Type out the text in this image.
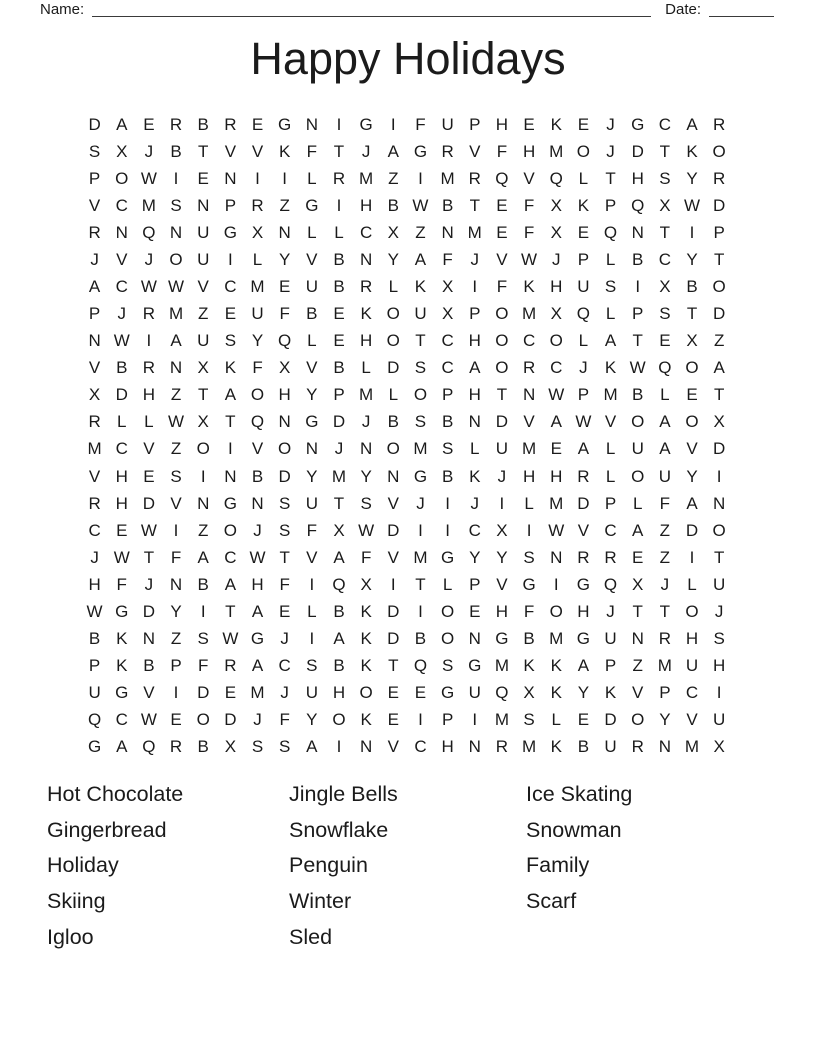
Name:	Date:
Happy Holidays
D A E R B R E G N	I	G	I	F U P H E K E	J G C A R
S X	J	B T V V K F T	J	A G R V F H M O J D T K O
P O W I	E N	I	I	L R M Z	I	M R Q V Q L	T H S Y R
V C M S N P R Z G	I	H B W B T E F X K P Q X W D
R N Q N U G X N L	L C X Z N M E F X E Q N T	I	P
J	V	J O U	I	L Y V B N Y A F	J	V W J	P L B C Y T
A C W W V C M E U B R L K X	I	F K H U S	I	X B O
P	J R M Z E U F B E K O U X P O M X Q L P S T D
N W I	A U S Y Q L E H O T C H O C O L A T E X Z
V B R N X K F X V B L D S C A O R C J	K W Q O A
X D H Z T A O H Y P M L O P H T N W P M B L E T
R L	L W X T Q N G D J	B S B N D V A W V O A O X
M C V Z O	I	V O N J N O M S L U M E A L U A V D
V H E S	I	N B D Y M Y N G B K	J H H R L O U Y	I
R H D V N G N S U T S V	J	I	J	I	L M D P L	F A N
C E W I	Z O J	S F X W D	I	I	C X	I W V C A Z D O
J W T F A C W T V A F V M G Y Y S N R R E Z	I	T
H F	J N B A H F	I	Q X	I	T	L P V G	I	G Q X	J	L U
W G D Y	I	T A E L B K D	I	O E H F O H J	T T O J
B K N Z S W G J	I	A K D B O N G B M G U N R H S
P K B P F R A C S B K T Q S G M K K A P Z M U H
U G V	I	D E M J U H O E E G U Q X K Y K V P C	I
Q C W E O D J	F Y O K E	I	P	I	M S L E D O Y V U
G A Q R B X S S A	I	N V C H N R M K B U R N M X
Hot Chocolate
Gingerbread
Holiday
Skiing
Igloo
Jingle Bells
Snowflake
Penguin
Winter
Sled
Ice Skating
Snowman
Family
Scarf
